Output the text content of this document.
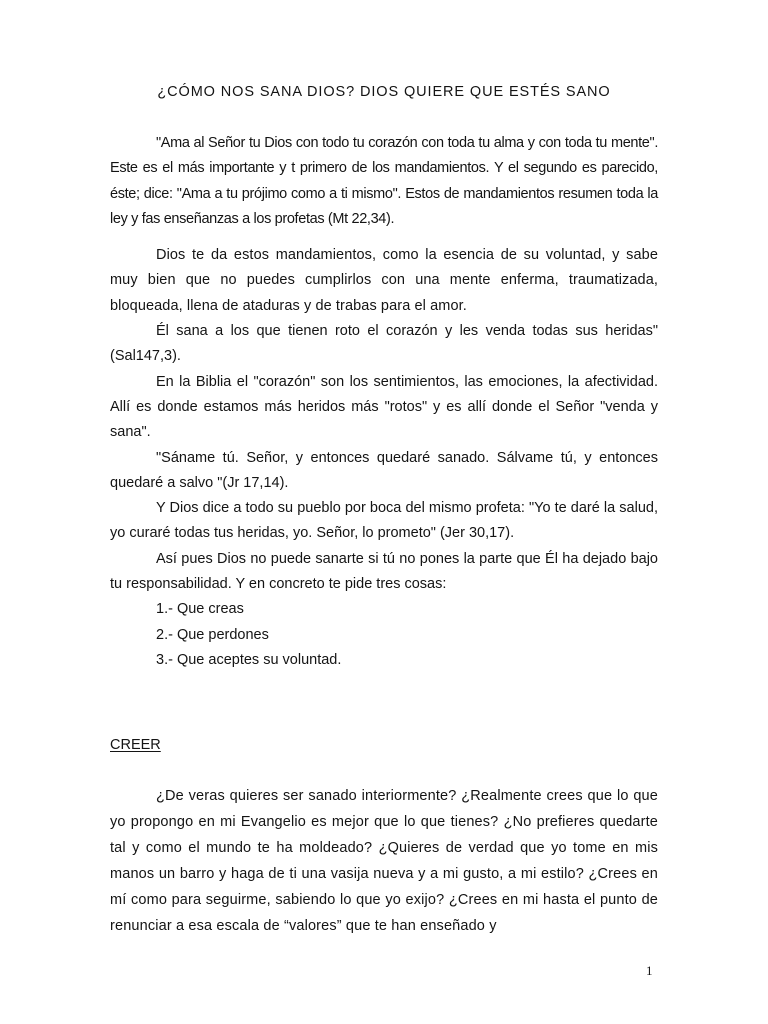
¿CÓMO NOS SANA DIOS? DIOS QUIERE QUE ESTÉS SANO

"Ama al Señor tu Dios con todo tu corazón con toda tu alma y con toda tu mente". Este es el más importante y t primero de los mandamientos. Y el segundo es parecido, éste; dice: "Ama a tu prójimo como a ti mismo". Estos de mandamientos resumen toda la ley y fas enseñanzas a los profetas (Mt 22,34).

Dios te da estos mandamientos, como la esencia de su voluntad, y sabe muy bien que no puedes cumplirlos con una mente enferma, traumatizada, bloqueada, llena de ataduras y de trabas para el amor.

Él sana a los que tienen roto el corazón y les venda todas sus heridas" (Sal147,3).

En la Biblia el "corazón" son los sentimientos, las emociones, la afectividad. Allí es donde estamos más heridos más "rotos" y es allí donde el Señor "venda y sana".

"Sáname tú. Señor, y entonces quedaré sanado. Sálvame tú, y entonces quedaré a salvo "(Jr 17,14).

Y Dios dice a todo su pueblo por boca del mismo profeta: "Yo te daré la salud, yo curaré todas tus heridas, yo. Señor, lo prometo" (Jer 30,17).

Así pues Dios no puede sanarte si tú no pones la parte que Él ha dejado bajo tu responsabilidad. Y en concreto te pide tres cosas:

1.- Que creas

2.- Que perdones

3.- Que aceptes su voluntad.

CREER

¿De veras quieres ser sanado interiormente? ¿Realmente crees que lo que yo propongo en mi Evangelio es mejor que lo que tienes? ¿No prefieres quedarte tal y como el mundo te ha moldeado? ¿Quieres de verdad que yo tome en mis manos un barro y haga de ti una vasija nueva y a mi gusto, a mi estilo? ¿Crees en mí como para seguirme, sabiendo lo que yo exijo? ¿Crees en mi hasta el punto de renunciar a esa escala de “valores” que te han enseñado y

1
